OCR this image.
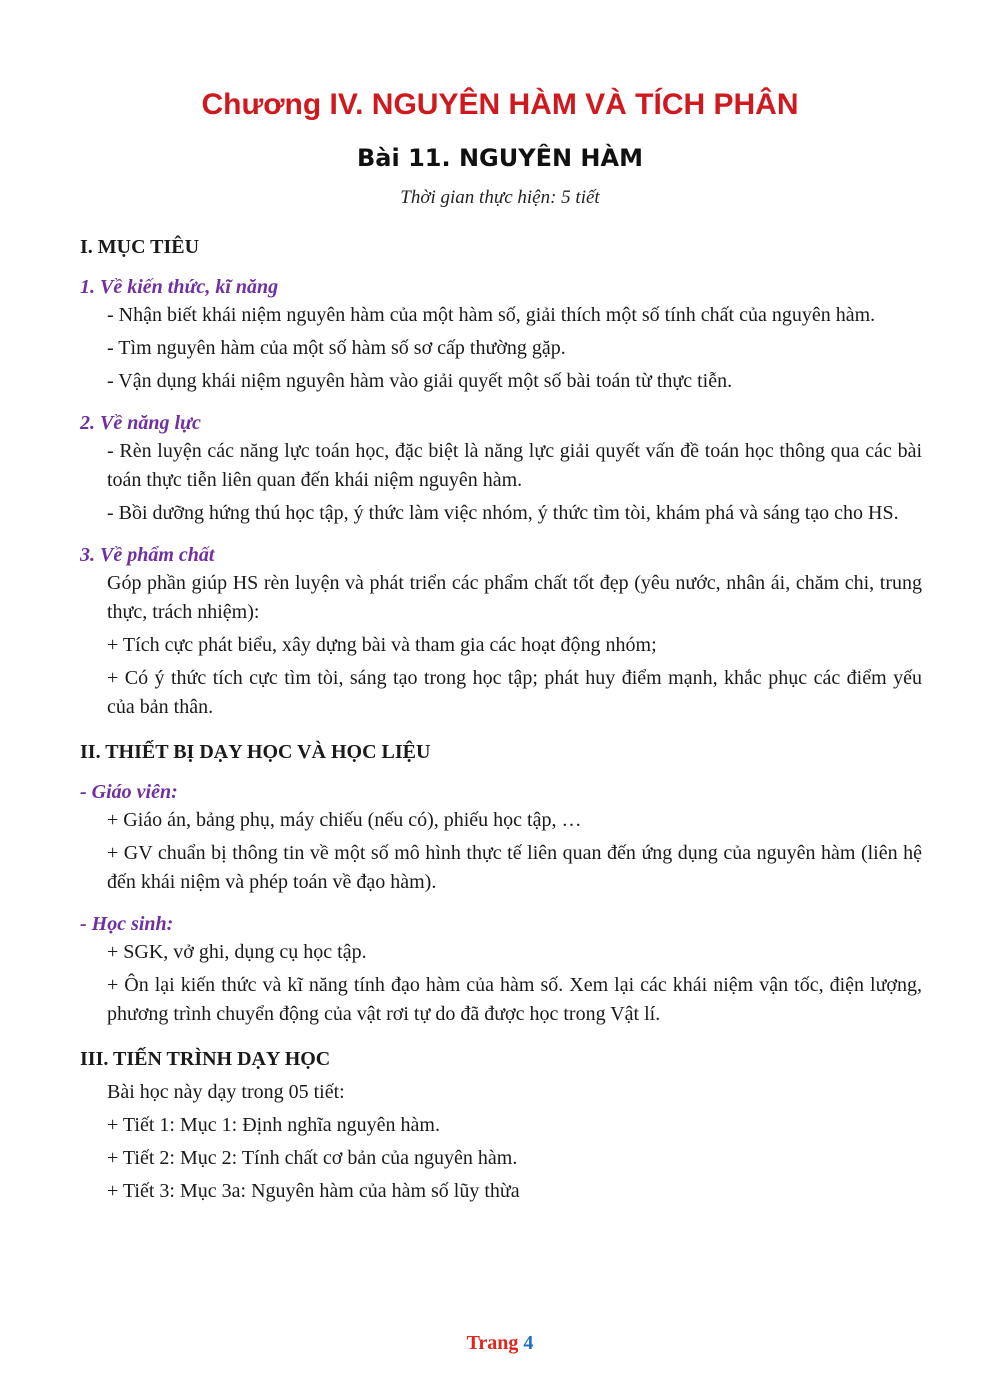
Chương IV. NGUYÊN HÀM VÀ TÍCH PHÂN
Bài 11. NGUYÊN HÀM

Thời gian thực hiện: 5 tiết

I. MỤC TIÊU
1. Về kiến thức, kĩ năng

- Nhận biết khái niệm nguyên hàm của một hàm số, giải thích một số tính chất của nguyên hàm.

- Tìm nguyên hàm của một số hàm số sơ cấp thường gặp.

- Vận dụng khái niệm nguyên hàm vào giải quyết một số bài toán từ thực tiễn.

2. Về năng lực

- Rèn luyện các năng lực toán học, đặc biệt là năng lực giải quyết vấn đề toán học thông qua các bài toán thực tiễn liên quan đến khái niệm nguyên hàm.

- Bồi dưỡng hứng thú học tập, ý thức làm việc nhóm, ý thức tìm tòi, khám phá và sáng tạo cho HS.

3. Về phẩm chất

Góp phần giúp HS rèn luyện và phát triển các phẩm chất tốt đẹp (yêu nước, nhân ái, chăm chi, trung thực, trách nhiệm):

+ Tích cực phát biểu, xây dựng bài và tham gia các hoạt động nhóm;

+ Có ý thức tích cực tìm tòi, sáng tạo trong học tập; phát huy điểm mạnh, khắc phục các điểm yếu của bản thân.

II. THIẾT BỊ DẠY HỌC VÀ HỌC LIỆU
- Giáo viên:

+ Giáo án, bảng phụ, máy chiếu (nếu có), phiếu học tập, …

+ GV chuẩn bị thông tin về một số mô hình thực tế liên quan đến ứng dụng của nguyên hàm (liên hệ đến khái niệm và phép toán về đạo hàm).

- Học sinh:

+ SGK, vở ghi, dụng cụ học tập.

+ Ôn lại kiến thức và kĩ năng tính đạo hàm của hàm số. Xem lại các khái niệm vận tốc, điện lượng, phương trình chuyển động của vật rơi tự do đã được học trong Vật lí.

III. TIẾN TRÌNH DẠY HỌC

Bài học này dạy trong 05 tiết:

+ Tiết 1: Mục 1: Định nghĩa nguyên hàm.

+ Tiết 2: Mục 2: Tính chất cơ bản của nguyên hàm.

+ Tiết 3: Mục 3a: Nguyên hàm của hàm số lũy thừa

Trang 4
